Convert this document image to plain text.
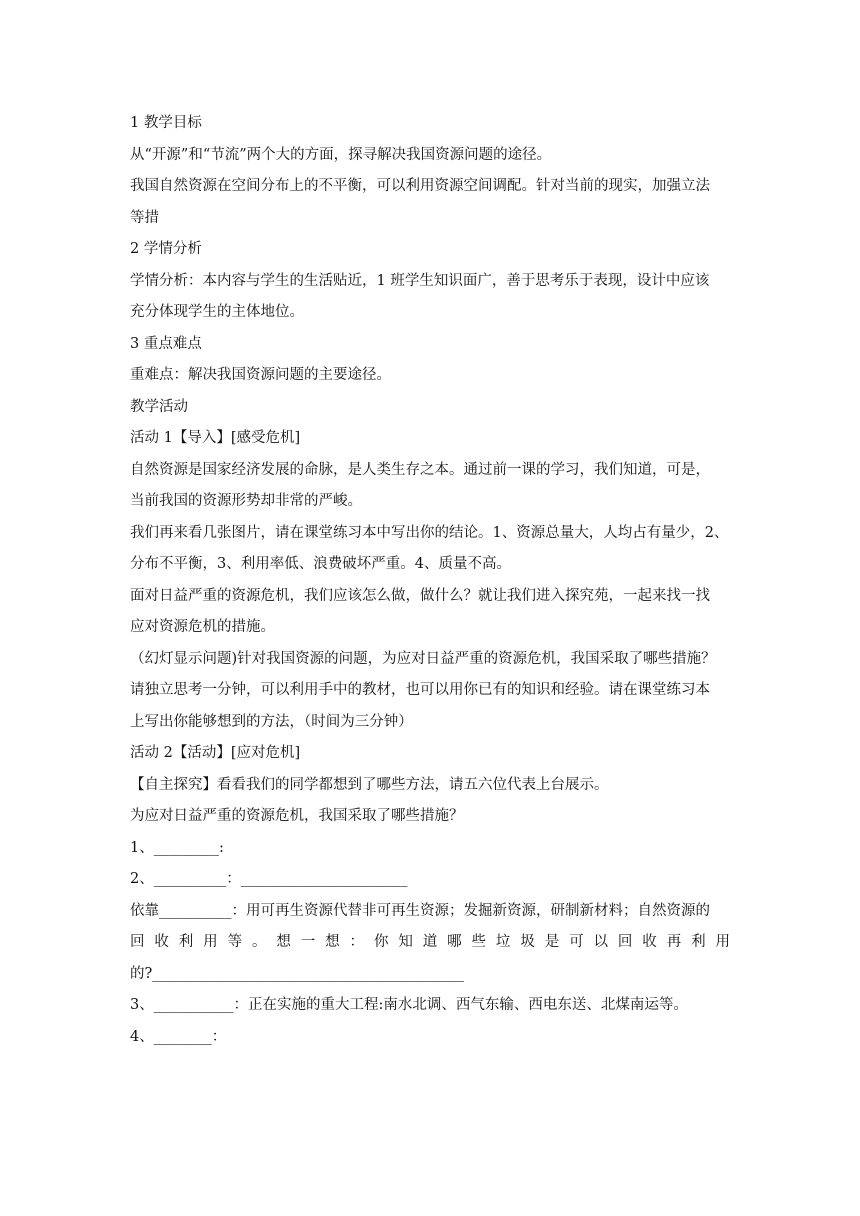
1 教学目标
从“开源”和“节流”两个大的方面，探寻解决我国资源问题的途径。
我国自然资源在空间分布上的不平衡，可以利用资源空间调配。针对当前的现实，加强立法
等措
2 学情分析
学情分析：本内容与学生的生活贴近，1 班学生知识面广，善于思考乐于表现，设计中应该
充分体现学生的主体地位。
3 重点难点
重难点：解决我国资源问题的主要途径。
教学活动
活动 1【导入】[感受危机]
自然资源是国家经济发展的命脉，是人类生存之本。通过前一课的学习，我们知道，可是，
当前我国的资源形势却非常的严峻。
我们再来看几张图片，请在课堂练习本中写出你的结论。1、资源总量大，人均占有量少，2、
分布不平衡，3、利用率低、浪费破坏严重。4、质量不高。
面对日益严重的资源危机，我们应该怎么做，做什么？就让我们进入探究苑，一起来找一找
应对资源危机的措施。
（幻灯显示问题)针对我国资源的问题，为应对日益严重的资源危机，我国采取了哪些措施？
请独立思考一分钟，可以利用手中的教材，也可以用你已有的知识和经验。请在课堂练习本
上写出你能够想到的方法，（时间为三分钟）
活动 2【活动】[应对危机]
【自主探究】看看我们的同学都想到了哪些方法，请五六位代表上台展示。
为应对日益严重的资源危机，我国采取了哪些措施？
1、_________:
2、__________：_______________________
依靠__________：用可再生资源代替非可再生资源；发掘新资源，研制新材料；自然资源的
回 收 利 用 等 。 想 一 想 ： 你 知 道 哪 些 垃 圾 是 可 以 回 收 再 利 用
的?___________________________________________
3、___________：正在实施的重大工程:南水北调、西气东输、西电东送、北煤南运等。
4、________：
